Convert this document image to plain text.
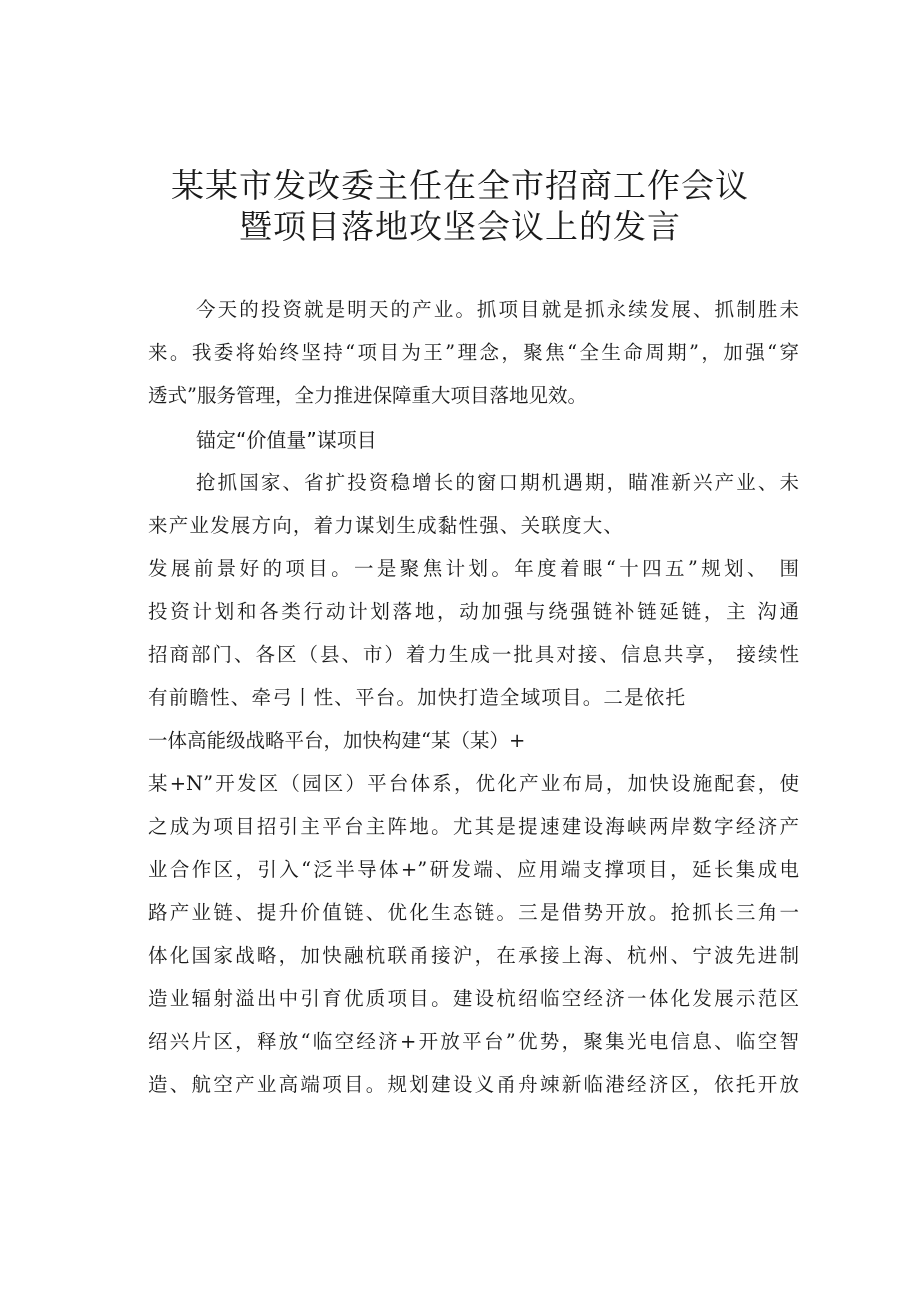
某某市发改委主任在全市招商工作会议
暨项目落地攻坚会议上的发言
今天的投资就是明天的产业。抓项目就是抓永续发展、抓制胜未
来。我委将始终坚持“项目为王”理念，聚焦“全生命周期”，加强“穿
透式”服务管理，全力推进保障重大项目落地见效。
锚定“价值量”谋项目
抢抓国家、省扩投资稳增长的窗口期机遇期，瞄准新兴产业、未
来产业发展方向，着力谋划生成黏性强、关联度大、
发展前景好的项目。一是聚焦计划。年度着眼“十四五”规划、 围
投资计划和各类行动计划落地，动加强与绕强链补链延链，主 沟通
招商部门、各区（县、市）着力生成一批具对接、信息共享， 接续性
有前瞻性、牵弓丨性、平台。加快打造全域项目。二是依托
一体高能级战略平台，加快构建“某（某）+
某+N”开发区（园区）平台体系，优化产业布局，加快设施配套，使
之成为项目招引主平台主阵地。尤其是提速建设海峡两岸数字经济产
业合作区，引入“泛半导体+”研发端、应用端支撑项目，延长集成电
路产业链、提升价值链、优化生态链。三是借势开放。抢抓长三角一
体化国家战略，加快融杭联甬接沪，在承接上海、杭州、宁波先进制
造业辐射溢出中引育优质项目。建设杭绍临空经济一体化发展示范区
绍兴片区，释放“临空经济+开放平台”优势，聚集光电信息、临空智
造、航空产业高端项目。规划建设义甬舟竦新临港经济区，依托开放
